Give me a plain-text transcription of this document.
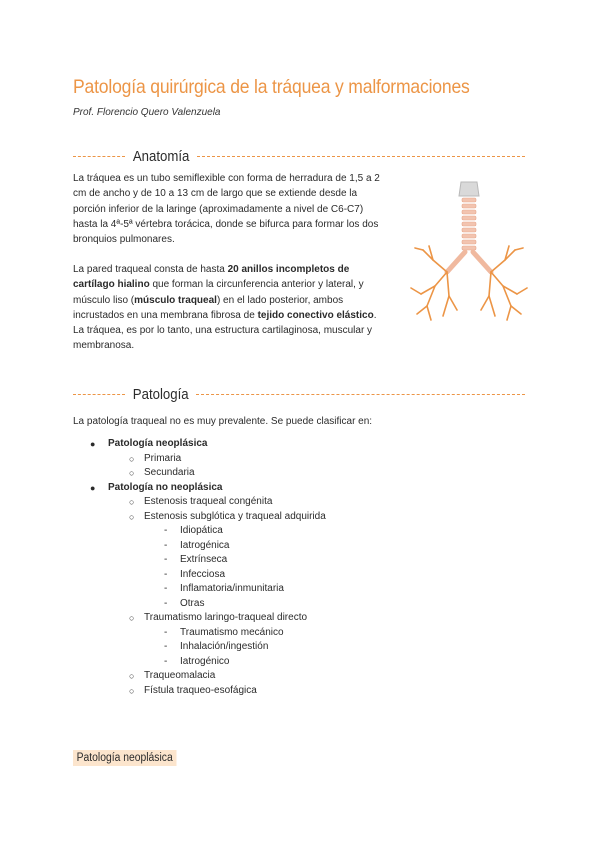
Patología quirúrgica de la tráquea y malformaciones
Prof. Florencio Quero Valenzuela
Anatomía

La tráquea es un tubo semiflexible con forma de herradura de 1,5 a 2 cm de ancho y de 10 a 13 cm de largo que se extiende desde la porción inferior de la laringe (aproximadamente a nivel de C6-C7) hasta la 4ª-5ª vértebra torácica, donde se bifurca para formar los dos bronquios pulmonares.

La pared traqueal consta de hasta 20 anillos incompletos de cartílago hialino que forman la circunferencia anterior y lateral, y músculo liso (músculo traqueal) en el lado posterior, ambos incrustados en una membrana fibrosa de tejido conectivo elástico. La tráquea, es por lo tanto, una estructura cartilaginosa, muscular y membranosa.

Patología

La patología traqueal no es muy prevalente. Se puede clasificar en:

● Patología neoplásica
○ Primaria
○ Secundaria
● Patología no neoplásica
○ Estenosis traqueal congénita
○ Estenosis subglótica y traqueal adquirida
- Idiopática
- Iatrogénica
- Extrínseca
- Infecciosa
- Inflamatoria/inmunitaria
- Otras
○ Traumatismo laringo-traqueal directo
- Traumatismo mecánico
- Inhalación/ingestión
- Iatrogénico
○ Traqueomalacia
○ Fístula traqueo-esofágica
Patología neoplásica
